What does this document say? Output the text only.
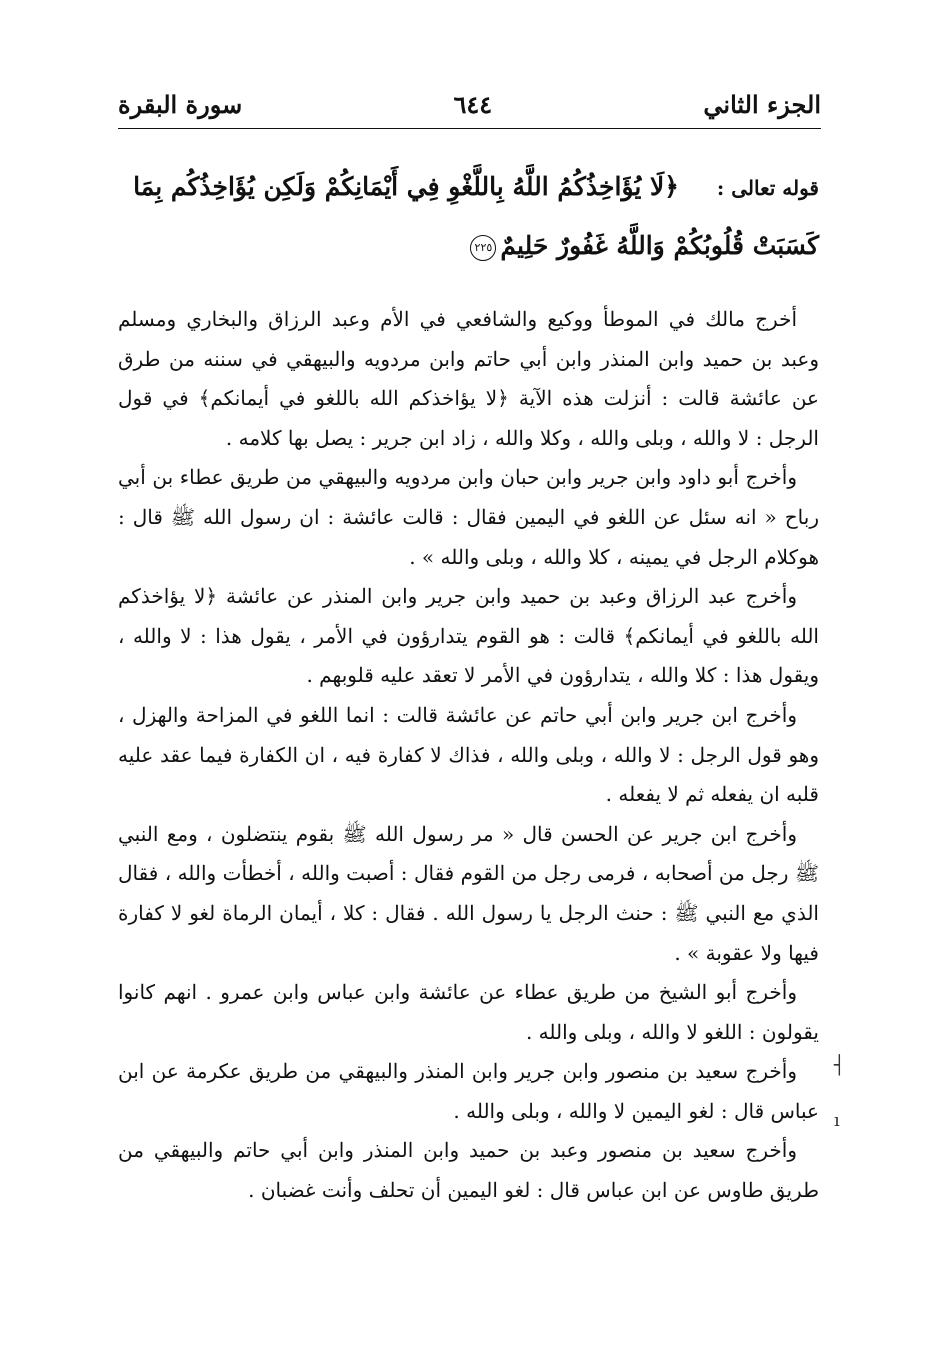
الجزء الثاني
٦٤٤
سورة البقرة
قوله تعالى : ﴿لَا يُؤَاخِذُكُمُ اللَّهُ بِاللَّغْوِ فِي أَيْمَانِكُمْ وَلَكِن يُؤَاخِذُكُم بِمَا كَسَبَتْ قُلُوبُكُمْ وَاللَّهُ غَفُورٌ حَلِيمٌ٢٢٥

أخرج مالك في الموطأ ووكيع والشافعي في الأم وعبد الرزاق والبخاري ومسلم وعبد بن حميد وابن المنذر وابن أبي حاتم وابن مردويه والبيهقي في سننه من طرق عن عائشة قالت : أنزلت هذه الآية ﴿لا يؤاخذكم الله باللغو في أيمانكم﴾ في قول الرجل : لا والله ، وبلى والله ، وكلا والله ، زاد ابن جرير : يصل بها كلامه .

وأخرج أبو داود وابن جرير وابن حبان وابن مردويه والبيهقي من طريق عطاء بن أبي رباح « انه سئل عن اللغو في اليمين فقال : قالت عائشة : ان رسول الله ﷺ قال : هوكلام الرجل في يمينه ، كلا والله ، وبلى والله » .

وأخرج عبد الرزاق وعبد بن حميد وابن جرير وابن المنذر عن عائشة ﴿لا يؤاخذكم الله باللغو في أيمانكم﴾ قالت : هو القوم يتدارؤون في الأمر ، يقول هذا : لا والله ، ويقول هذا : كلا والله ، يتدارؤون في الأمر لا تعقد عليه قلوبهم .

وأخرج ابن جرير وابن أبي حاتم عن عائشة قالت : انما اللغو في المزاحة والهزل ، وهو قول الرجل : لا والله ، وبلى والله ، فذاك لا كفارة فيه ، ان الكفارة فيما عقد عليه قلبه ان يفعله ثم لا يفعله .

وأخرج ابن جرير عن الحسن قال « مر رسول الله ﷺ بقوم ينتضلون ، ومع النبي ﷺ رجل من أصحابه ، فرمى رجل من القوم فقال : أصبت والله ، أخطأت والله ، فقال الذي مع النبي ﷺ : حنث الرجل يا رسول الله . فقال : كلا ، أيمان الرماة لغو لا كفارة فيها ولا عقوبة » .

وأخرج أبو الشيخ من طريق عطاء عن عائشة وابن عباس وابن عمرو . انهم كانوا يقولون : اللغو لا والله ، وبلى والله .

وأخرج سعيد بن منصور وابن جرير وابن المنذر والبيهقي من طريق عكرمة عن ابن عباس قال : لغو اليمين لا والله ، وبلى والله .

وأخرج سعيد بن منصور وعبد بن حميد وابن المنذر وابن أبي حاتم والبيهقي من طريق طاوس عن ابن عباس قال : لغو اليمين أن تحلف وأنت غضبان .

┤
ı
